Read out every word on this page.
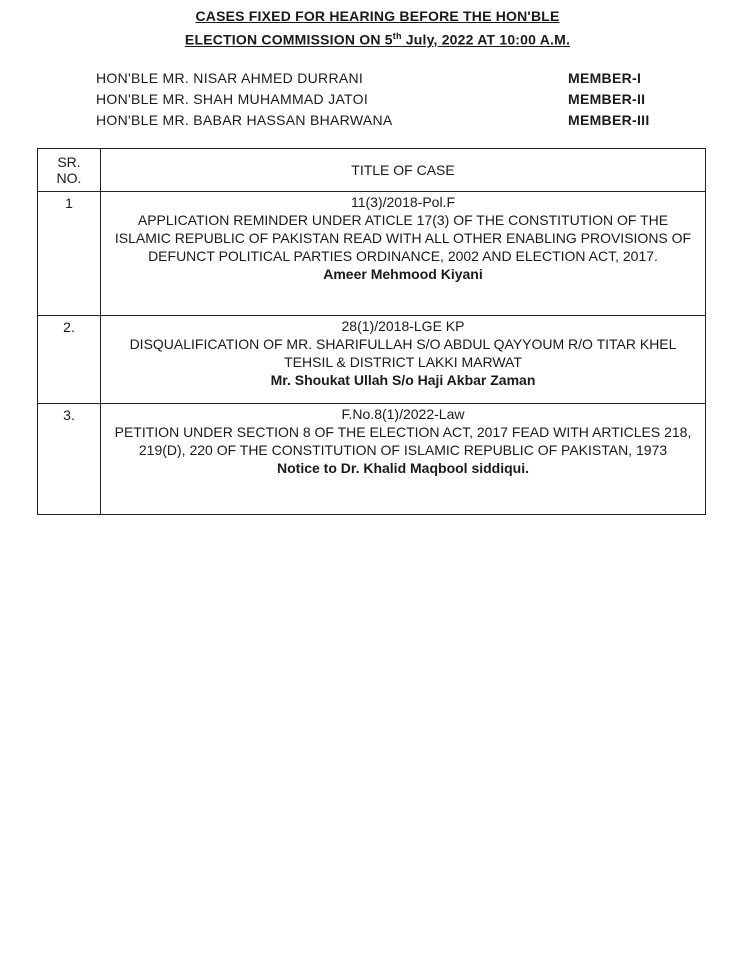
CASES FIXED FOR HEARING BEFORE THE HON'BLE
ELECTION COMMISSION ON 5th July, 2022 AT 10:00 A.M.
HON'BLE MR. NISAR AHMED DURRANI	MEMBER-I
HON'BLE MR. SHAH MUHAMMAD JATOI	MEMBER-II
HON'BLE MR. BABAR HASSAN BHARWANA	MEMBER-III
SR.
NO.	TITLE OF CASE
1	11(3)/2018-Pol.F
APPLICATION REMINDER UNDER ATICLE 17(3) OF THE CONSTITUTION OF THE ISLAMIC REPUBLIC OF PAKISTAN READ WITH ALL OTHER ENABLING PROVISIONS OF DEFUNCT POLITICAL PARTIES ORDINANCE, 2002 AND ELECTION ACT, 2017.
Ameer Mehmood Kiyani

2.	28(1)/2018-LGE KP
DISQUALIFICATION OF MR. SHARIFULLAH S/O ABDUL QAYYOUM R/O TITAR KHEL TEHSIL & DISTRICT LAKKI MARWAT
Mr. Shoukat Ullah S/o Haji Akbar Zaman

3.	F.No.8(1)/2022-Law
PETITION UNDER SECTION 8 OF THE ELECTION ACT, 2017 FEAD WITH ARTICLES 218, 219(D), 220 OF THE CONSTITUTION OF ISLAMIC REPUBLIC OF PAKISTAN, 1973
Notice to Dr. Khalid Maqbool siddiqui.
